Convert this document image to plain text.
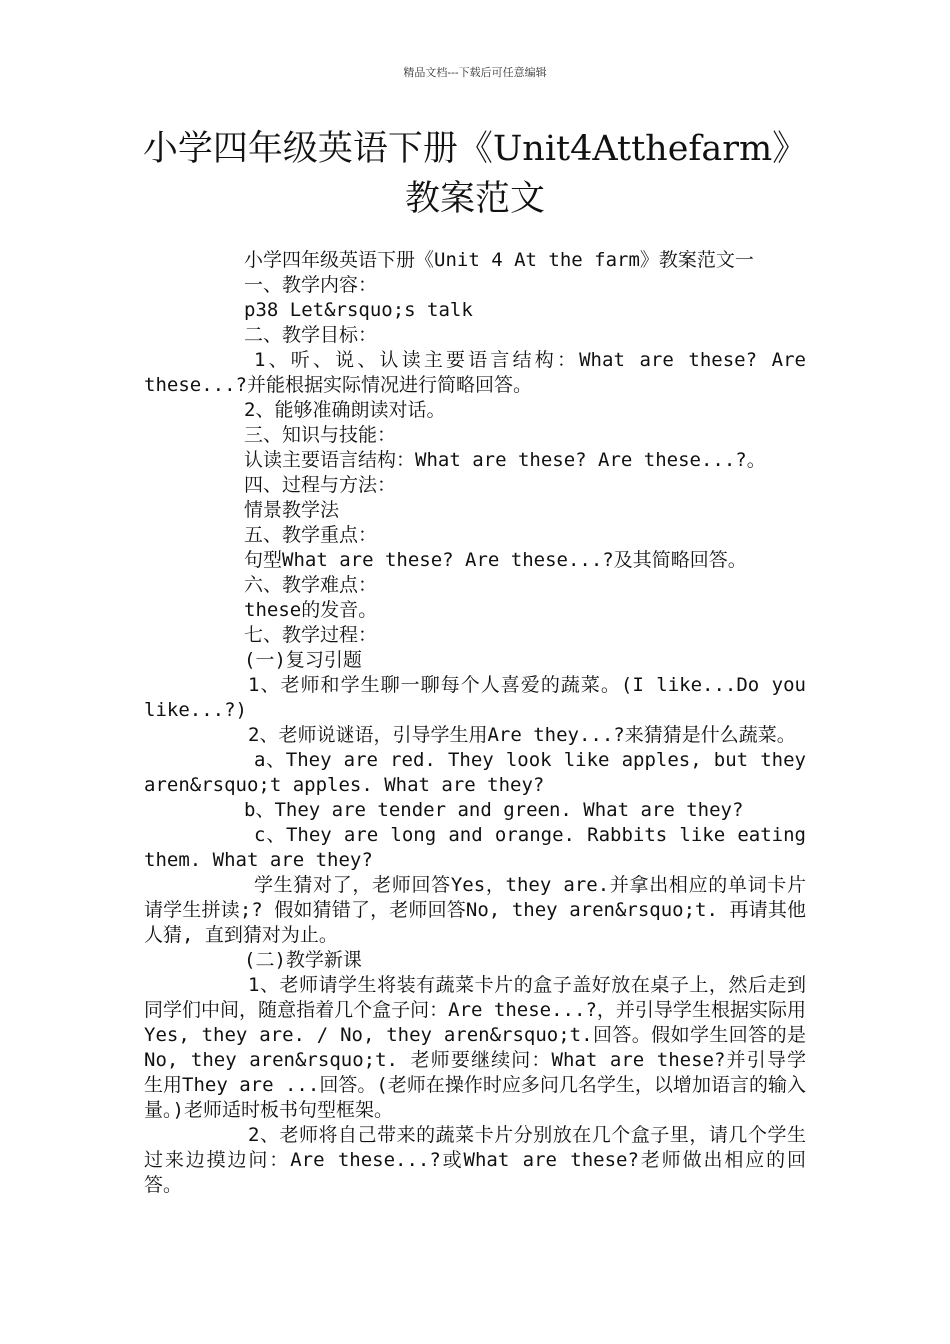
精品文档---下载后可任意编辑
小学四年级英语下册《Unit4Atthefarm》
教案范文

小学四年级英语下册《Unit 4 At the farm》教案范文一

一、教学内容：

p38 Let&rsquo;s talk

二、教学目标：

1、听、说、认读主要语言结构：What are these? Are these...?并能根据实际情况进行简略回答。

2、能够准确朗读对话。

三、知识与技能：

认读主要语言结构：What are these? Are these...?。

四、过程与方法：

情景教学法

五、教学重点：

句型What are these? Are these...?及其简略回答。

六、教学难点：

these的发音。

七、教学过程：

(一)复习引题

1、老师和学生聊一聊每个人喜爱的蔬菜。(I like...Do you like...?)

2、老师说谜语，引导学生用Are they...?来猜猜是什么蔬菜。

a、They are red. They look like apples, but they aren&rsquo;t apples. What are they?

b、They are tender and green. What are they?

c、They are long and orange. Rabbits like eating them. What are they?

学生猜对了，老师回答Yes，they are.并拿出相应的单词卡片请学生拼读;? 假如猜错了，老师回答No, they aren&rsquo;t. 再请其他人猜, 直到猜对为止。

(二)教学新课

1、老师请学生将装有蔬菜卡片的盒子盖好放在桌子上，然后走到同学们中间，随意指着几个盒子问：Are these...?，并引导学生根据实际用Yes, they are. / No, they aren&rsquo;t.回答。假如学生回答的是No, they aren&rsquo;t. 老师要继续问：What are these?并引导学生用They are ...回答。(老师在操作时应多问几名学生，以增加语言的输入量。)老师适时板书句型框架。

2、老师将自己带来的蔬菜卡片分别放在几个盒子里，请几个学生过来边摸边问：Are these...?或What are these?老师做出相应的回答。
